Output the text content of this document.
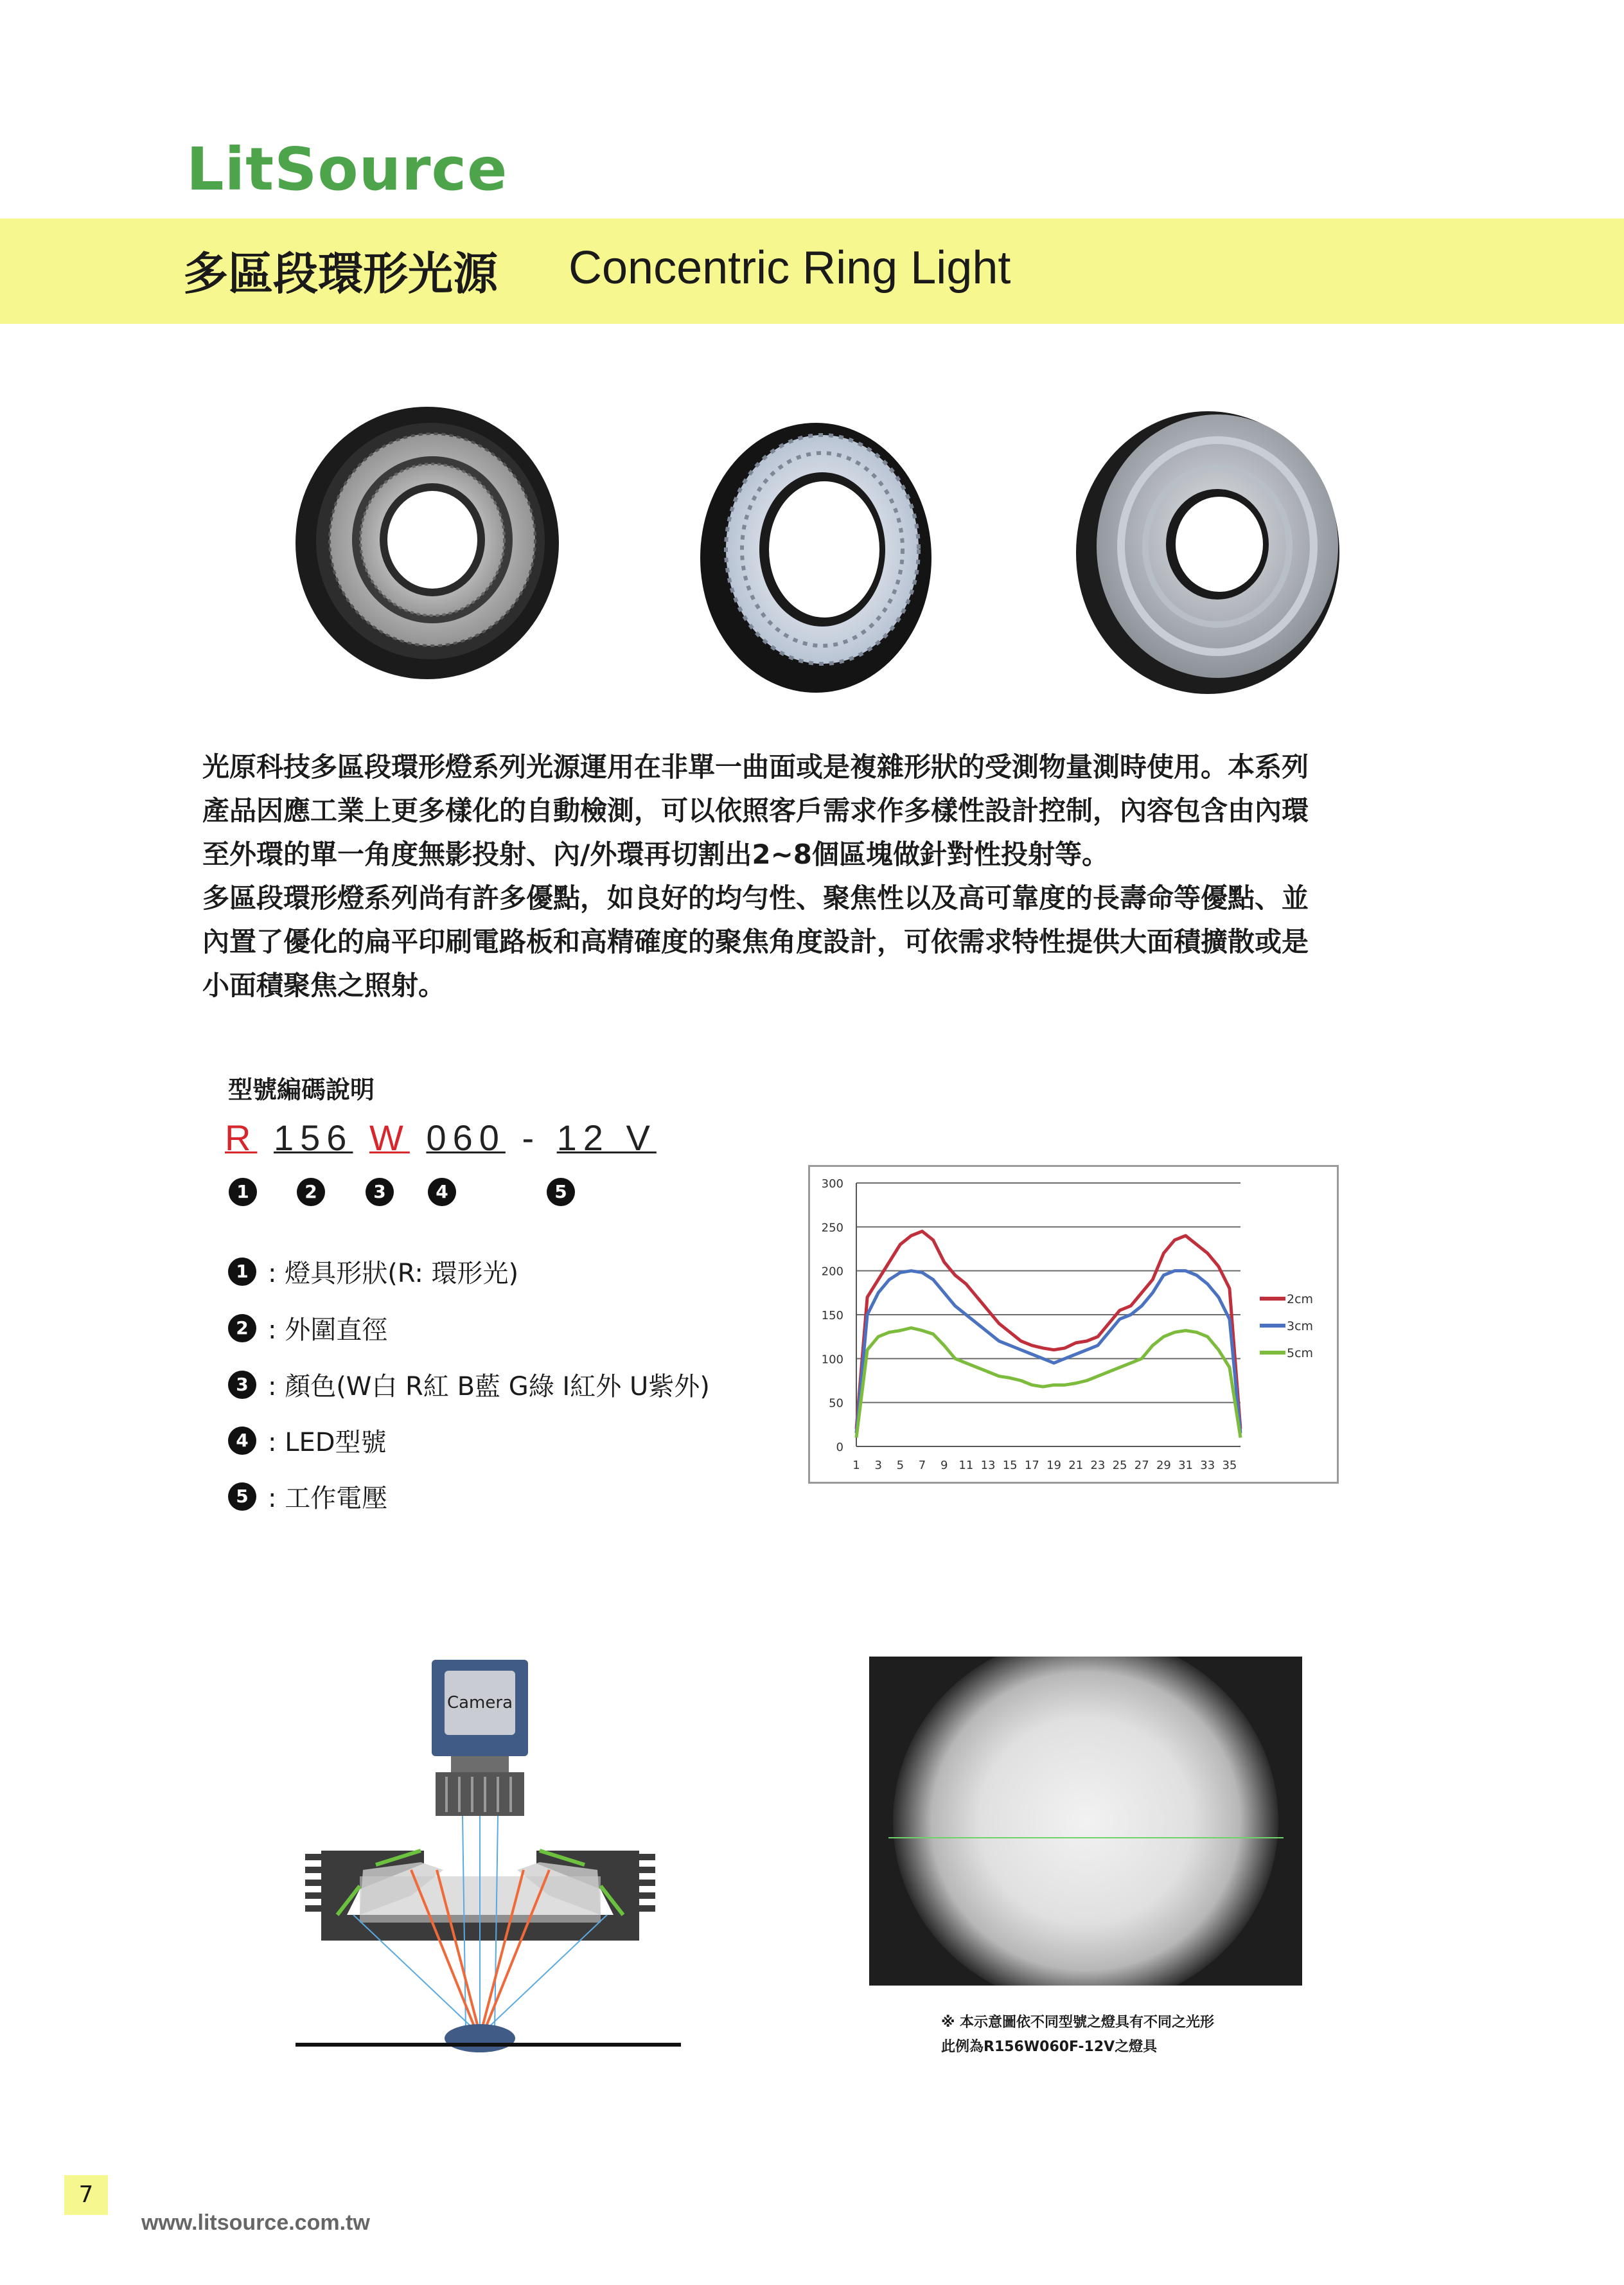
LitSource
多區段環形光源 Concentric Ring Light

光原科技多區段環形燈系列光源運用在非單一曲面或是複雜形狀的受測物量測時使用。本系列

產品因應工業上更多樣化的自動檢測，可以依照客戶需求作多樣性設計控制，內容包含由內環

至外環的單一角度無影投射、內/外環再切割出2~8個區塊做針對性投射等。

多區段環形燈系列尚有許多優點，如良好的均勻性、聚焦性以及高可靠度的長壽命等優點、並

內置了優化的扁平印刷電路板和高精確度的聚焦角度設計，可依需求特性提供大面積擴散或是

小面積聚焦之照射。

型號編碼說明
R 156 W 060 - 12 V
1	2	3	4	5
1 : 燈具形狀(R: 環形光)
2 : 外圍直徑
3 : 顏色(W白 R紅 B藍 G綠 I紅外 U紫外)
4 : LED型號
5 : 工作電壓
0
50
100
150
200
250
300
1 3 5 7 9 11 13 15 17 19 21 23 25 27 29 31 33 35
2cm
3cm
5cm
Camera
※ 本示意圖依不同型號之燈具有不同之光形
此例為R156W060F-12V之燈具
7
www.litsource.com.tw
